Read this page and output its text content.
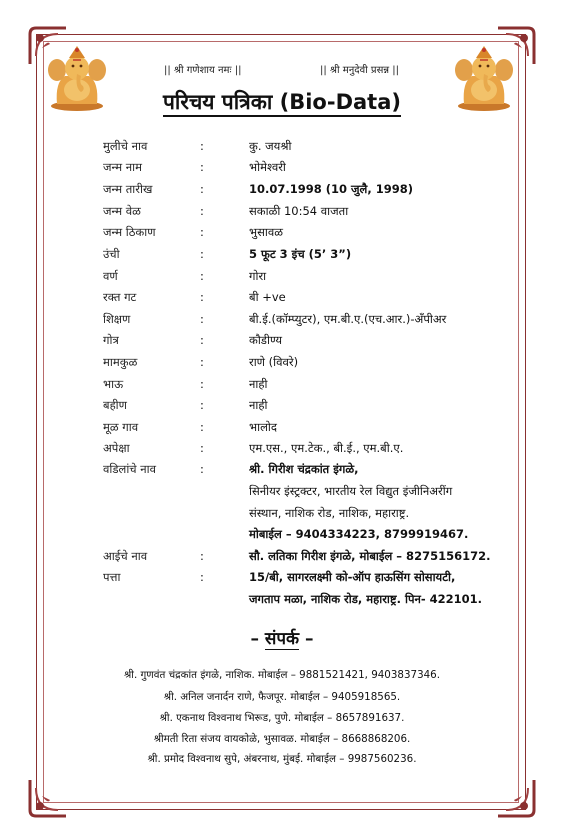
|| श्री गणेशाय नमः ||	|| श्री मनुदेवी प्रसन्न ||
परिचय पत्रिका (Bio-Data)
मुलीचे नाव	:	कु. जयश्री
जन्म नाम	:	भोमेश्वरी
जन्म तारीख	:	10.07.1998 (10 जुलै, 1998)
जन्म वेळ	:	सकाळी 10:54 वाजता
जन्म ठिकाण	:	भुसावळ
उंची	:	5 फूट 3 इंच (5’ 3”)
वर्ण	:	गोरा
रक्त गट	:	बी +ve
शिक्षण	:	बी.ई.(कॉम्प्युटर), एम.बी.ए.(एच.आर.)-अँपीअर
गोत्र	:	कौडीण्य
मामकुळ	:	राणे (विवरे)
भाऊ	:	नाही
बहीण	:	नाही
मूळ गाव	:	भालोद
अपेक्षा	:	एम.एस., एम.टेक., बी.ई., एम.बी.ए.
वडिलांचे नाव	:	श्री. गिरीश चंद्रकांत इंगळे,
सिनीयर इंस्ट्रक्टर, भारतीय रेल विद्युत इंजीनिअरींग
संस्थान, नाशिक रोड, नाशिक, महाराष्ट्र.
मोबाईल – 9404334223, 8799919467.
आईचे नाव	:	सौ. लतिका गिरीश इंगळे, मोबाईल – 8275156172.
पत्ता	:	15/बी, सागरलक्ष्मी को-ऑप हाऊसिंग सोसायटी,
जगताप मळा, नाशिक रोड, महाराष्ट्र. पिन- 422101.
– संपर्क –
श्री. गुणवंत चंद्रकांत इंगळे, नाशिक. मोबाईल – 9881521421, 9403837346.
श्री. अनिल जनार्दन राणे, फैजपूर. मोबाईल – 9405918565.
श्री. एकनाथ विश्वनाथ भिरूड, पुणे. मोबाईल – 8657891637.
श्रीमती रिता संजय वायकोळे, भुसावळ. मोबाईल – 8668868206.
श्री. प्रमोद विश्वनाथ सुपे, अंबरनाथ, मुंबई. मोबाईल – 9987560236.
